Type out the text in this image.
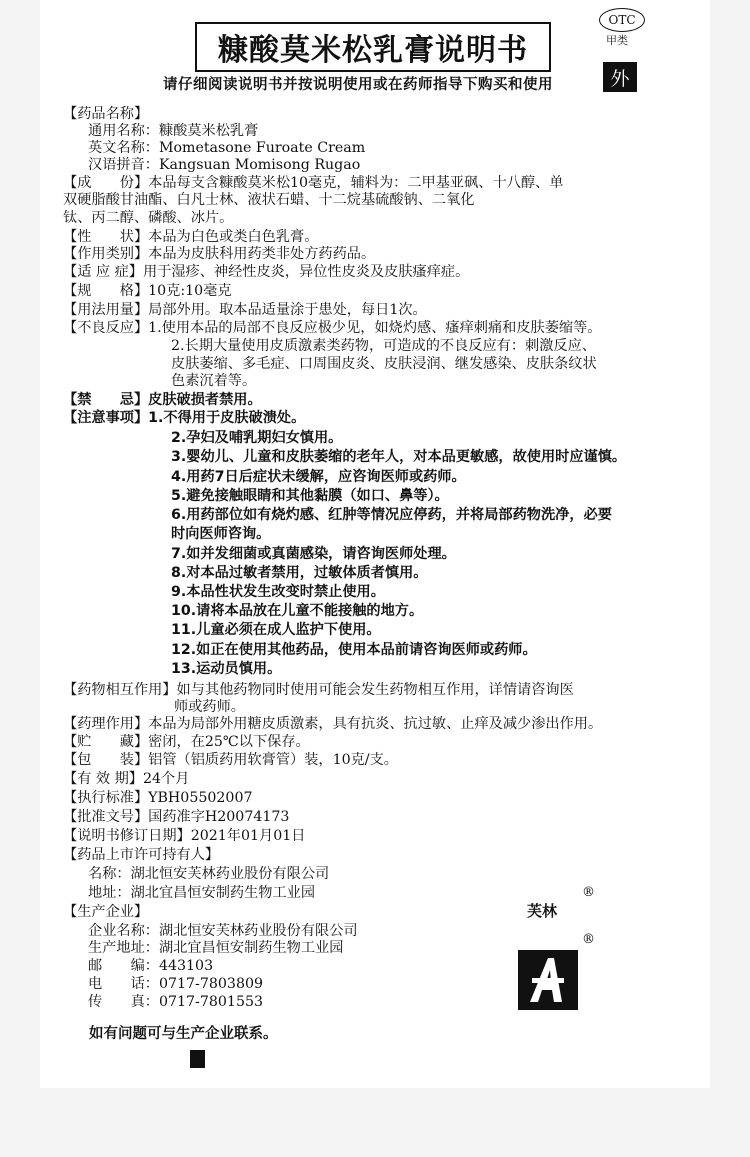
糠酸莫米松乳膏说明书
OTC
甲类
外
请仔细阅读说明书并按说明使用或在药师指导下购买和使用
【药品名称】
通用名称：糠酸莫米松乳膏
英文名称：Mometasone Furoate Cream
汉语拼音：Kangsuan Momisong Rugao
【成　　份】本品每支含糠酸莫米松10毫克，辅料为：二甲基亚砜、十八醇、单
双硬脂酸甘油酯、白凡士林、液状石蜡、十二烷基硫酸钠、二氧化
钛、丙二醇、磷酸、冰片。
【性　　状】本品为白色或类白色乳膏。
【作用类别】本品为皮肤科用药类非处方药药品。
【适 应 症】用于湿疹、神经性皮炎，异位性皮炎及皮肤瘙痒症。
【规　　格】10克:10毫克
【用法用量】局部外用。取本品适量涂于患处，每日1次。
【不良反应】1.使用本品的局部不良反应极少见，如烧灼感、瘙痒刺痛和皮肤萎缩等。
2.长期大量使用皮质激素类药物，可造成的不良反应有：刺激反应、
皮肤萎缩、多毛症、口周围皮炎、皮肤浸润、继发感染、皮肤条纹状
色素沉着等。
【禁　　忌】皮肤破损者禁用。
【注意事项】1.不得用于皮肤破溃处。
2.孕妇及哺乳期妇女慎用。
3.婴幼儿、儿童和皮肤萎缩的老年人，对本品更敏感，故使用时应谨慎。
4.用药7日后症状未缓解，应咨询医师或药师。
5.避免接触眼睛和其他黏膜（如口、鼻等）。
6.用药部位如有烧灼感、红肿等情况应停药，并将局部药物洗净，必要
时向医师咨询。
7.如并发细菌或真菌感染，请咨询医师处理。
8.对本品过敏者禁用，过敏体质者慎用。
9.本品性状发生改变时禁止使用。
10.请将本品放在儿童不能接触的地方。
11.儿童必须在成人监护下使用。
12.如正在使用其他药品，使用本品前请咨询医师或药师。
13.运动员慎用。
【药物相互作用】如与其他药物同时使用可能会发生药物相互作用，详情请咨询医
师或药师。
【药理作用】本品为局部外用糖皮质激素，具有抗炎、抗过敏、止痒及减少渗出作用。
【贮　　藏】密闭，在25℃以下保存。
【包　　装】铝管（铝质药用软膏管）装，10克/支。
【有 效 期】24个月
【执行标准】YBH05502007
【批准文号】国药准字H20074173
【说明书修订日期】2021年01月01日
【药品上市许可持有人】
名称：湖北恒安芙林药业股份有限公司
地址：湖北宜昌恒安制药生物工业园
【生产企业】
企业名称：湖北恒安芙林药业股份有限公司
生产地址：湖北宜昌恒安制药生物工业园
邮　　编：443103
电　　话：0717-7803809
传　　真：0717-7801553
芙林
®
®
如有问题可与生产企业联系。
